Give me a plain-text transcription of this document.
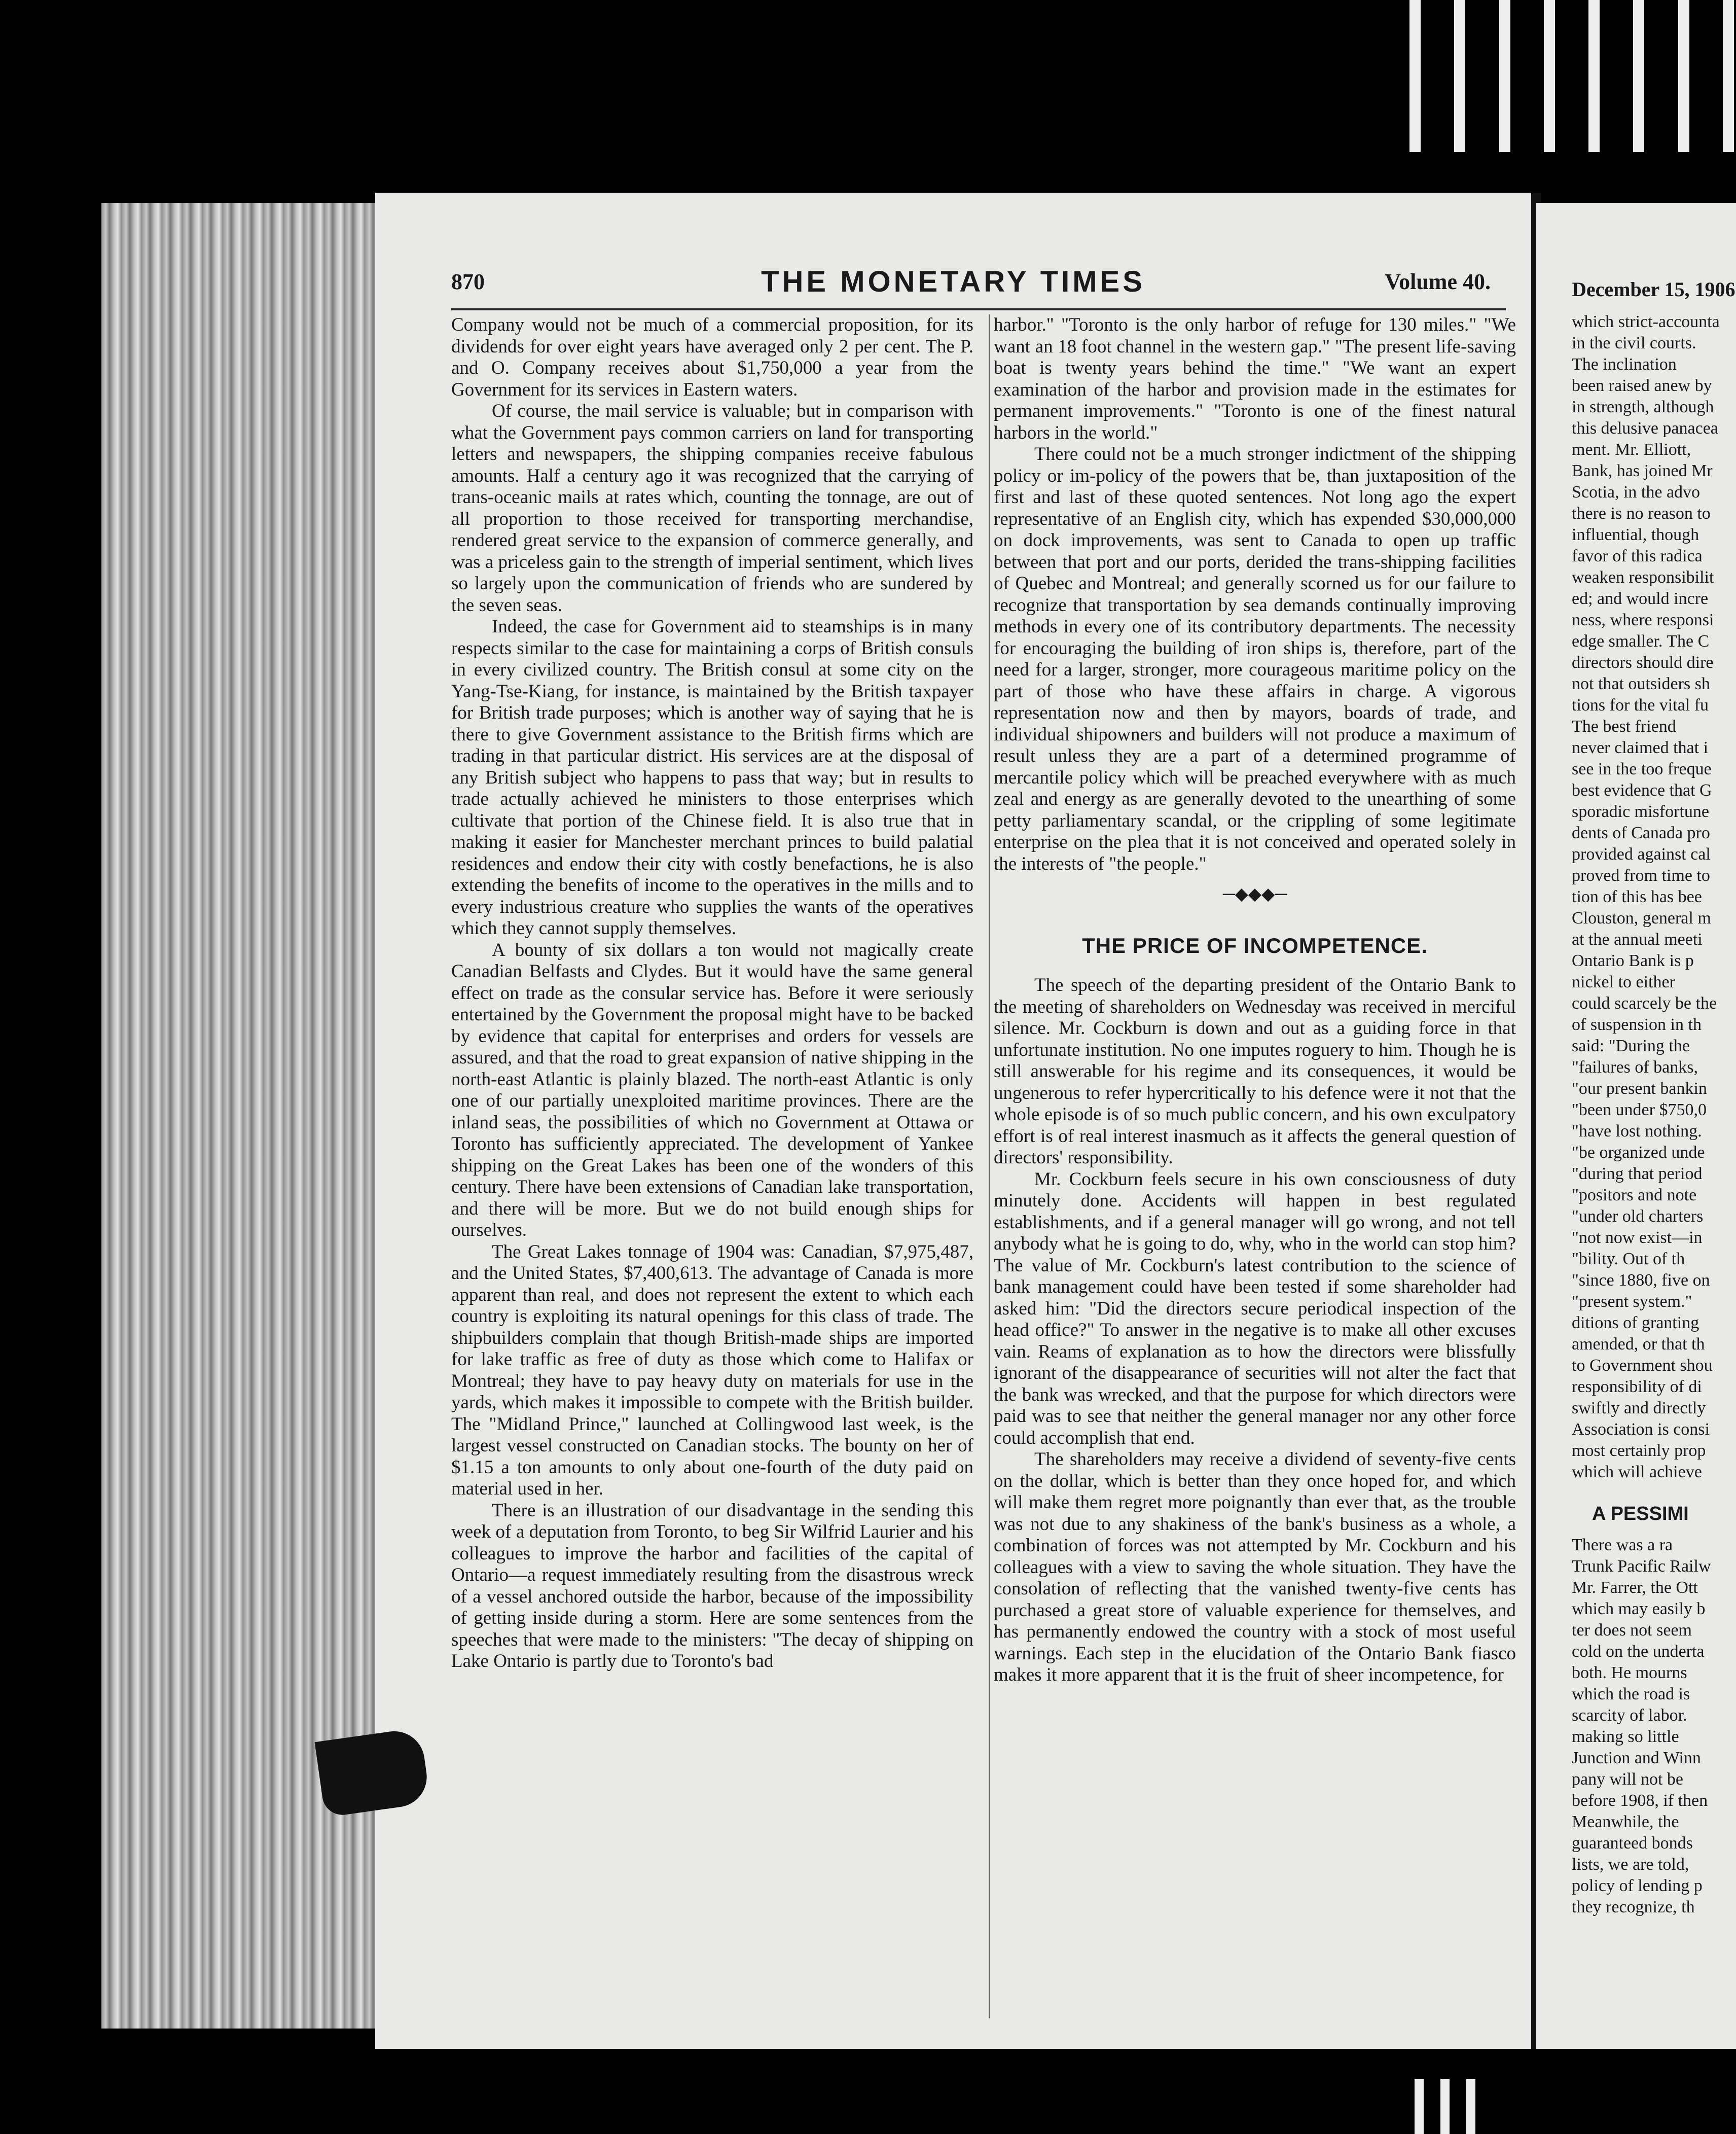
870	THE MONETARY TIMES	Volume 40.

Company would not be much of a commercial proposition, for its dividends for over eight years have averaged only 2 per cent. The P. and O. Company receives about $1,750,000 a year from the Government for its services in Eastern waters.

Of course, the mail service is valuable; but in comparison with what the Government pays common carriers on land for transporting letters and newspapers, the shipping companies receive fabulous amounts. Half a century ago it was recognized that the carrying of trans-oceanic mails at rates which, counting the tonnage, are out of all proportion to those received for transporting merchandise, rendered great service to the expansion of commerce generally, and was a priceless gain to the strength of imperial sentiment, which lives so largely upon the communication of friends who are sundered by the seven seas.

Indeed, the case for Government aid to steamships is in many respects similar to the case for maintaining a corps of British consuls in every civilized country. The British consul at some city on the Yang-Tse-Kiang, for instance, is maintained by the British taxpayer for British trade purposes; which is another way of saying that he is there to give Government assistance to the British firms which are trading in that particular district. His services are at the disposal of any British subject who happens to pass that way; but in results to trade actually achieved he ministers to those enterprises which cultivate that portion of the Chinese field. It is also true that in making it easier for Manchester merchant princes to build palatial residences and endow their city with costly benefactions, he is also extending the benefits of income to the operatives in the mills and to every industrious creature who supplies the wants of the operatives which they cannot supply themselves.

A bounty of six dollars a ton would not magically create Canadian Belfasts and Clydes. But it would have the same general effect on trade as the consular service has. Before it were seriously entertained by the Government the proposal might have to be backed by evidence that capital for enterprises and orders for vessels are assured, and that the road to great expansion of native shipping in the north-east Atlantic is plainly blazed. The north-east Atlantic is only one of our partially unexploited maritime provinces. There are the inland seas, the possibilities of which no Government at Ottawa or Toronto has sufficiently appreciated. The development of Yankee shipping on the Great Lakes has been one of the wonders of this century. There have been extensions of Canadian lake transportation, and there will be more. But we do not build enough ships for ourselves.

The Great Lakes tonnage of 1904 was: Canadian, $7,975,487, and the United States, $7,400,613. The advantage of Canada is more apparent than real, and does not represent the extent to which each country is exploiting its natural openings for this class of trade. The shipbuilders complain that though British-made ships are imported for lake traffic as free of duty as those which come to Halifax or Montreal; they have to pay heavy duty on materials for use in the yards, which makes it impossible to compete with the British builder. The "Midland Prince," launched at Collingwood last week, is the largest vessel constructed on Canadian stocks. The bounty on her of $1.15 a ton amounts to only about one-fourth of the duty paid on material used in her.

There is an illustration of our disadvantage in the sending this week of a deputation from Toronto, to beg Sir Wilfrid Laurier and his colleagues to improve the harbor and facilities of the capital of Ontario—a request immediately resulting from the disastrous wreck of a vessel anchored outside the harbor, because of the impossibility of getting inside during a storm. Here are some sentences from the speeches that were made to the ministers: "The decay of shipping on Lake Ontario is partly due to Toronto's bad

harbor." "Toronto is the only harbor of refuge for 130 miles." "We want an 18 foot channel in the western gap." "The present life-saving boat is twenty years behind the time." "We want an expert examination of the harbor and provision made in the estimates for permanent improvements." "Toronto is one of the finest natural harbors in the world."

There could not be a much stronger indictment of the shipping policy or im-policy of the powers that be, than juxtaposition of the first and last of these quoted sentences. Not long ago the expert representative of an English city, which has expended $30,000,000 on dock improvements, was sent to Canada to open up traffic between that port and our ports, derided the trans-shipping facilities of Quebec and Montreal; and generally scorned us for our failure to recognize that transportation by sea demands continually improving methods in every one of its contributory departments. The necessity for encouraging the building of iron ships is, therefore, part of the need for a larger, stronger, more courageous maritime policy on the part of those who have these affairs in charge. A vigorous representation now and then by mayors, boards of trade, and individual shipowners and builders will not produce a maximum of result unless they are a part of a determined programme of mercantile policy which will be preached everywhere with as much zeal and energy as are generally devoted to the unearthing of some petty parliamentary scandal, or the crippling of some legitimate enterprise on the plea that it is not conceived and operated solely in the interests of "the people."

─◆◆◆─
THE PRICE OF INCOMPETENCE.

The speech of the departing president of the Ontario Bank to the meeting of shareholders on Wednesday was received in merciful silence. Mr. Cockburn is down and out as a guiding force in that unfortunate institution. No one imputes roguery to him. Though he is still answerable for his regime and its consequences, it would be ungenerous to refer hypercritically to his defence were it not that the whole episode is of so much public concern, and his own exculpatory effort is of real interest inasmuch as it affects the general question of directors' responsibility.

Mr. Cockburn feels secure in his own consciousness of duty minutely done. Accidents will happen in best regulated establishments, and if a general manager will go wrong, and not tell anybody what he is going to do, why, who in the world can stop him? The value of Mr. Cockburn's latest contribution to the science of bank management could have been tested if some shareholder had asked him: "Did the directors secure periodical inspection of the head office?" To answer in the negative is to make all other excuses vain. Reams of explanation as to how the directors were blissfully ignorant of the disappearance of securities will not alter the fact that the bank was wrecked, and that the purpose for which directors were paid was to see that neither the general manager nor any other force could accomplish that end.

The shareholders may receive a dividend of seventy-five cents on the dollar, which is better than they once hoped for, and which will make them regret more poignantly than ever that, as the trouble was not due to any shakiness of the bank's business as a whole, a combination of forces was not attempted by Mr. Cockburn and his colleagues with a view to saving the whole situation. They have the consolation of reflecting that the vanished twenty-five cents has purchased a great store of valuable experience for themselves, and has permanently endowed the country with a stock of most useful warnings. Each step in the elucidation of the Ontario Bank fiasco makes it more apparent that it is the fruit of sheer incompetence, for

December 15, 1906
which strict-accounta
in the civil courts.
The inclination
been raised anew by
in strength, although
this delusive panacea
ment. Mr. Elliott,
Bank, has joined Mr
Scotia, in the advo
there is no reason to
influential, though
favor of this radica
weaken responsibilit
ed; and would incre
ness, where responsi
edge smaller. The C
directors should dire
not that outsiders sh
tions for the vital fu
The best friend
never claimed that i
see in the too freque
best evidence that G
sporadic misfortune
dents of Canada pro
provided against cal
proved from time to
tion of this has bee
Clouston, general m
at the annual meeti
Ontario Bank is p
nickel to either
could scarcely be the
of suspension in th
said: "During the
"failures of banks,
"our present bankin
"been under $750,0
"have lost nothing.
"be organized unde
"during that period
"positors and note
"under old charters
"not now exist—in
"bility. Out of th
"since 1880, five on
"present system."
ditions of granting
amended, or that th
to Government shou
responsibility of di
swiftly and directly
Association is consi
most certainly prop
which will achieve
A PESSIMI
There was a ra
Trunk Pacific Railw
Mr. Farrer, the Ott
which may easily b
ter does not seem
cold on the underta
both. He mourns
which the road is
scarcity of labor.
making so little
Junction and Winn
pany will not be
before 1908, if then
Meanwhile, the
guaranteed bonds
lists, we are told,
policy of lending p
they recognize, th
